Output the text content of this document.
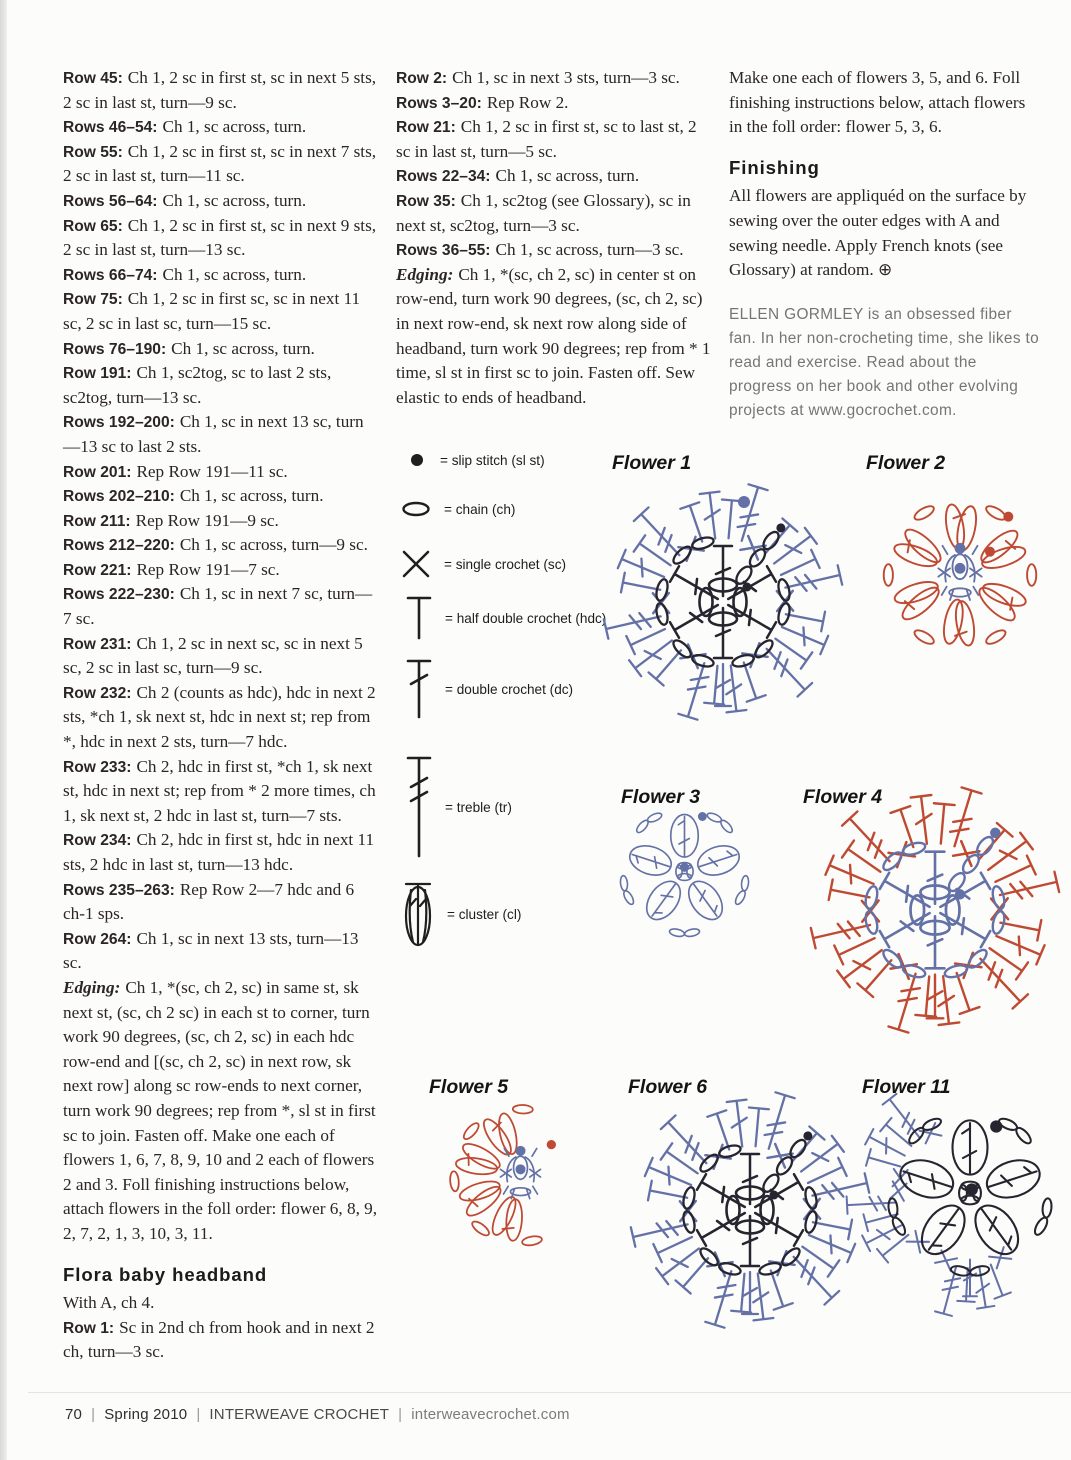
Row 45: Ch 1, 2 sc in first st, sc in next 5 sts, 2 sc in last st, turn—9 sc.

Rows 46–54: Ch 1, sc across, turn.

Row 55: Ch 1, 2 sc in first st, sc in next 7 sts, 2 sc in last st, turn—11 sc.

Rows 56–64: Ch 1, sc across, turn.

Row 65: Ch 1, 2 sc in first st, sc in next 9 sts, 2 sc in last st, turn—13 sc.

Rows 66–74: Ch 1, sc across, turn.

Row 75: Ch 1, 2 sc in first sc, sc in next 11 sc, 2 sc in last sc, turn—15 sc.

Rows 76–190: Ch 1, sc across, turn.

Row 191: Ch 1, sc2tog, sc to last 2 sts, sc2tog, turn—13 sc.

Rows 192–200: Ch 1, sc in next 13 sc, turn—13 sc to last 2 sts.

Row 201: Rep Row 191—11 sc.

Rows 202–210: Ch 1, sc across, turn.

Row 211: Rep Row 191—9 sc.

Rows 212–220: Ch 1, sc across, turn—9 sc.

Row 221: Rep Row 191—7 sc.

Rows 222–230: Ch 1, sc in next 7 sc, turn—7 sc.

Row 231: Ch 1, 2 sc in next sc, sc in next 5 sc, 2 sc in last sc, turn—9 sc.

Row 232: Ch 2 (counts as hdc), hdc in next 2 sts, *ch 1, sk next st, hdc in next st; rep from *, hdc in next 2 sts, turn—7 hdc.

Row 233: Ch 2, hdc in first st, *ch 1, sk next st, hdc in next st; rep from * 2 more times, ch 1, sk next st, 2 hdc in last st, turn—7 sts.

Row 234: Ch 2, hdc in first st, hdc in next 11 sts, 2 hdc in last st, turn—13 hdc.

Rows 235–263: Rep Row 2—7 hdc and 6 ch-1 sps.

Row 264: Ch 1, sc in next 13 sts, turn—13 sc.

Edging: Ch 1, *(sc, ch 2, sc) in same st, sk next st, (sc, ch 2 sc) in each st to corner, turn work 90 degrees, (sc, ch 2, sc) in each hdc row-end and [(sc, ch 2, sc) in next row, sk next row] along sc row-ends to next corner, turn work 90 degrees; rep from *, sl st in first sc to join. Fasten off. Make one each of flowers 1, 6, 7, 8, 9, 10 and 2 each of flowers 2 and 3. Foll finishing instructions below, attach flowers in the foll order: flower 6, 8, 9, 2, 7, 2, 1, 3, 10, 3, 11.

Flora baby headband

With A, ch 4.

Row 1: Sc in 2nd ch from hook and in next 2 ch, turn—3 sc.

Row 2: Ch 1, sc in next 3 sts, turn—3 sc.

Rows 3–20: Rep Row 2.

Row 21: Ch 1, 2 sc in first st, sc to last st, 2 sc in last st, turn—5 sc.

Rows 22–34: Ch 1, sc across, turn.

Row 35: Ch 1, sc2tog (see Glossary), sc in next st, sc2tog, turn—3 sc.

Rows 36–55: Ch 1, sc across, turn—3 sc.

Edging: Ch 1, *(sc, ch 2, sc) in center st on row-end, turn work 90 degrees, (sc, ch 2, sc) in next row-end, sk next row along side of headband, turn work 90 degrees; rep from * 1 time, sl st in first sc to join. Fasten off. Sew elastic to ends of headband.

Make one each of flowers 3, 5, and 6. Foll finishing instructions below, attach flowers in the foll order: flower 5, 3, 6.

Finishing

All flowers are appliquéd on the surface by sewing over the outer edges with A and sewing needle. Apply French knots (see Glossary) at random. ⊕

ELLEN GORMLEY is an obsessed fiber fan. In her non-crocheting time, she likes to read and exercise. Read about the progress on her book and other evolving projects at www.gocrochet.com.

= slip stitch (sl st)
= chain (ch)
= single crochet (sc)
= half double crochet (hdc)
= double crochet (dc)
= treble (tr)
= cluster (cl)
Flower 1	Flower 2
Flower 3	Flower 4
Flower 5	Flower 6	Flower 11
70 | Spring 2010 | INTERWEAVE CROCHET | interweavecrochet.com
